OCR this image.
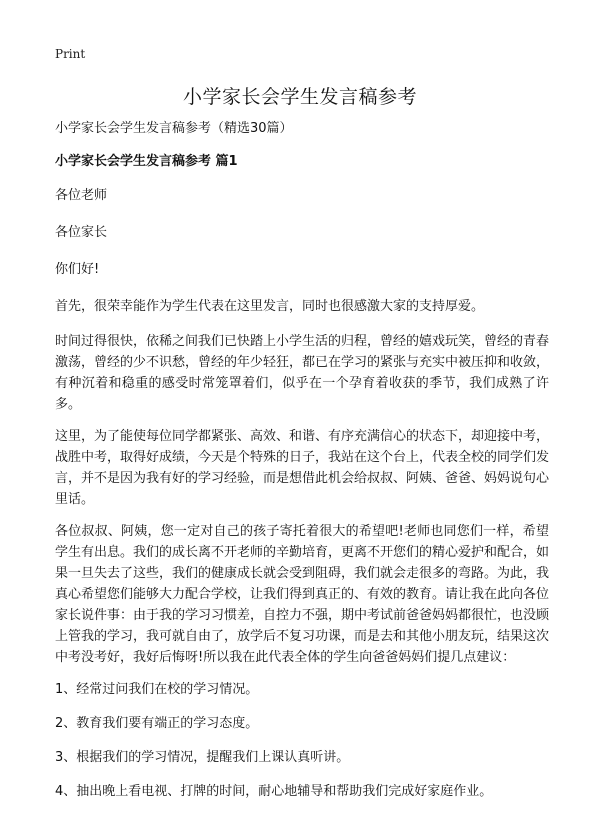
Print
小学家长会学生发言稿参考

小学家长会学生发言稿参考（精选30篇）

小学家长会学生发言稿参考 篇1

各位老师

各位家长

你们好!

首先，很荣幸能作为学生代表在这里发言，同时也很感激大家的支持厚爱。

时间过得很快，依稀之间我们已快踏上小学生活的归程，曾经的嬉戏玩笑，曾经的青春激荡，曾经的少不识愁，曾经的年少轻狂，都已在学习的紧张与充实中被压抑和收敛，有种沉着和稳重的感受时常笼罩着们，似乎在一个孕育着收获的季节，我们成熟了许多。

这里，为了能使每位同学都紧张、高效、和谐、有序充满信心的状态下，却迎接中考，战胜中考，取得好成绩，今天是个特殊的日子，我站在这个台上，代表全校的同学们发言，并不是因为我有好的学习经验，而是想借此机会给叔叔、阿姨、爸爸、妈妈说句心里话。

各位叔叔、阿姨，您一定对自己的孩子寄托着很大的希望吧!老师也同您们一样，希望学生有出息。我们的成长离不开老师的辛勤培育，更离不开您们的精心爱护和配合，如果一旦失去了这些，我们的健康成长就会受到阻碍，我们就会走很多的弯路。为此，我真心希望您们能够大力配合学校，让我们得到真正的、有效的教育。请让我在此向各位家长说件事：由于我的学习习惯差，自控力不强，期中考试前爸爸妈妈都很忙，也没顾上管我的学习，我可就自由了，放学后不复习功课，而是去和其他小朋友玩，结果这次中考没考好，我好后悔呀!所以我在此代表全体的学生向爸爸妈妈们提几点建议：

1、经常过问我们在校的学习情况。

2、教育我们要有端正的学习态度。

3、根据我们的学习情况，提醒我们上课认真听讲。

4、抽出晚上看电视、打牌的时间，耐心地辅导和帮助我们完成好家庭作业。
